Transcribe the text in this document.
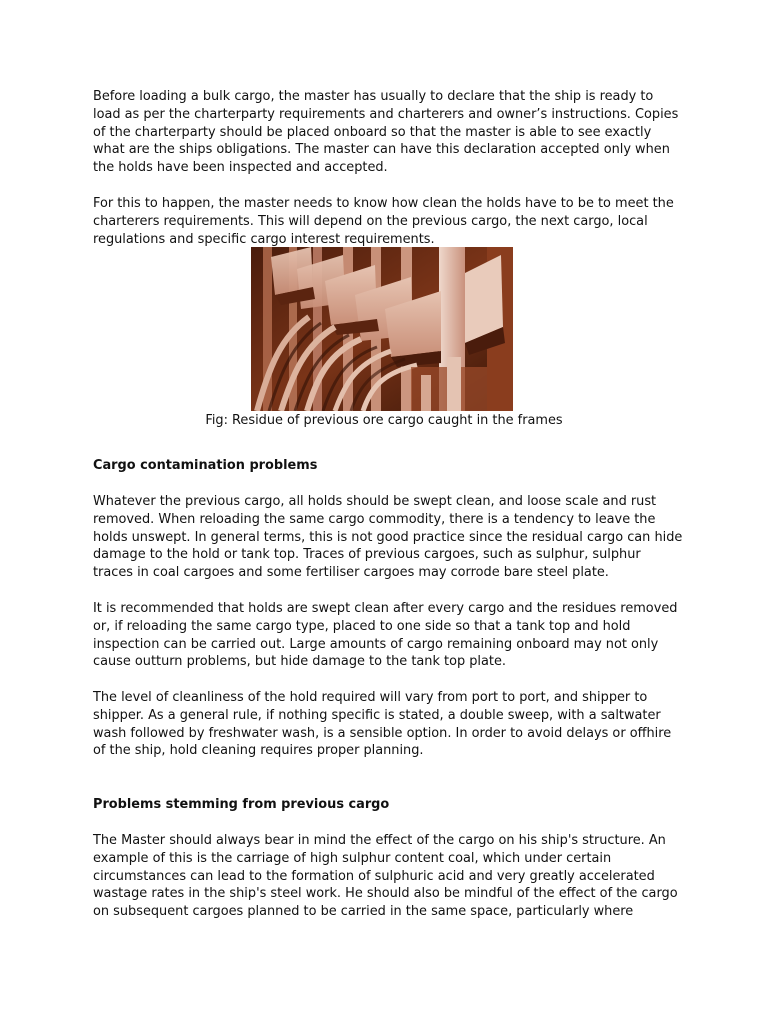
Before loading a bulk cargo, the master has usually to declare that the ship is ready to load as per the charterparty requirements and charterers and owner’s instructions. Copies of the charterparty should be placed onboard so that the master is able to see exactly what are the ships obligations. The master can have this declaration accepted only when the holds have been inspected and accepted.

For this to happen, the master needs to know how clean the holds have to be to meet the charterers requirements. This will depend on the previous cargo, the next cargo, local regulations and specific cargo interest requirements.

Fig: Residue of previous ore cargo caught in the frames
Cargo contamination problems

Whatever the previous cargo, all holds should be swept clean, and loose scale and rust removed. When reloading the same cargo commodity, there is a tendency to leave the holds unswept. In general terms, this is not good practice since the residual cargo can hide damage to the hold or tank top. Traces of previous cargoes, such as sulphur, sulphur traces in coal cargoes and some fertiliser cargoes may corrode bare steel plate.

It is recommended that holds are swept clean after every cargo and the residues removed or, if reloading the same cargo type, placed to one side so that a tank top and hold inspection can be carried out. Large amounts of cargo remaining onboard may not only cause outturn problems, but hide damage to the tank top plate.

The level of cleanliness of the hold required will vary from port to port, and shipper to shipper. As a general rule, if nothing specific is stated, a double sweep, with a saltwater wash followed by freshwater wash, is a sensible option. In order to avoid delays or offhire of the ship, hold cleaning requires proper planning.

Problems stemming from previous cargo

The Master should always bear in mind the effect of the cargo on his ship's structure. An example of this is the carriage of high sulphur content coal, which under certain circumstances can lead to the formation of sulphuric acid and very greatly accelerated wastage rates in the ship's steel work. He should also be mindful of the effect of the cargo on subsequent cargoes planned to be carried in the same space, particularly where
